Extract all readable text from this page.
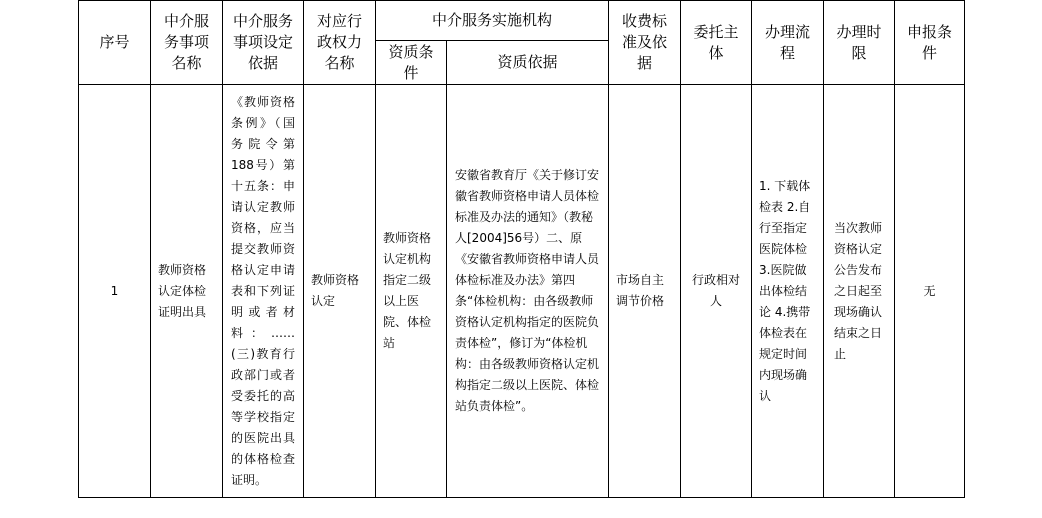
序号	中介服务事项名称	中介服务事项设定依据	对应行政权力名称	中介服务实施机构		收费标准及依据	委托主体	办理流程	办理时限	申报条件
				资质条件	资质依据					
1	教师资格认定体检证明出具	《教师资格条例》（国务院令第 188号）第十五条：申请认定教师资格，应当提交教师资格认定申请表和下列证明或者材料：……(三)教育行政部门或者受委托的高等学校指定的医院出具的体格检查证明。	教师资格认定	教师资格认定机构指定二级以上医院、体检站	安徽省教育厅《关于修订安徽省教师资格申请人员体检标准及办法的通知》（教秘人[2004]56号）二、原《安徽省教师资格申请人员体检标准及办法》第四条“体检机构：由各级教师资格认定机构指定的医院负责体检”，修订为“体检机构：由各级教师资格认定机构指定二级以上医院、体检站负责体检”。	市场自主调节价格	行政相对人	1. 下载体检表 2.自行至指定医院体检 3.医院做出体检结论 4.携带体检表在规定时间内现场确认	当次教师资格认定公告发布之日起至现场确认结束之日止	无
